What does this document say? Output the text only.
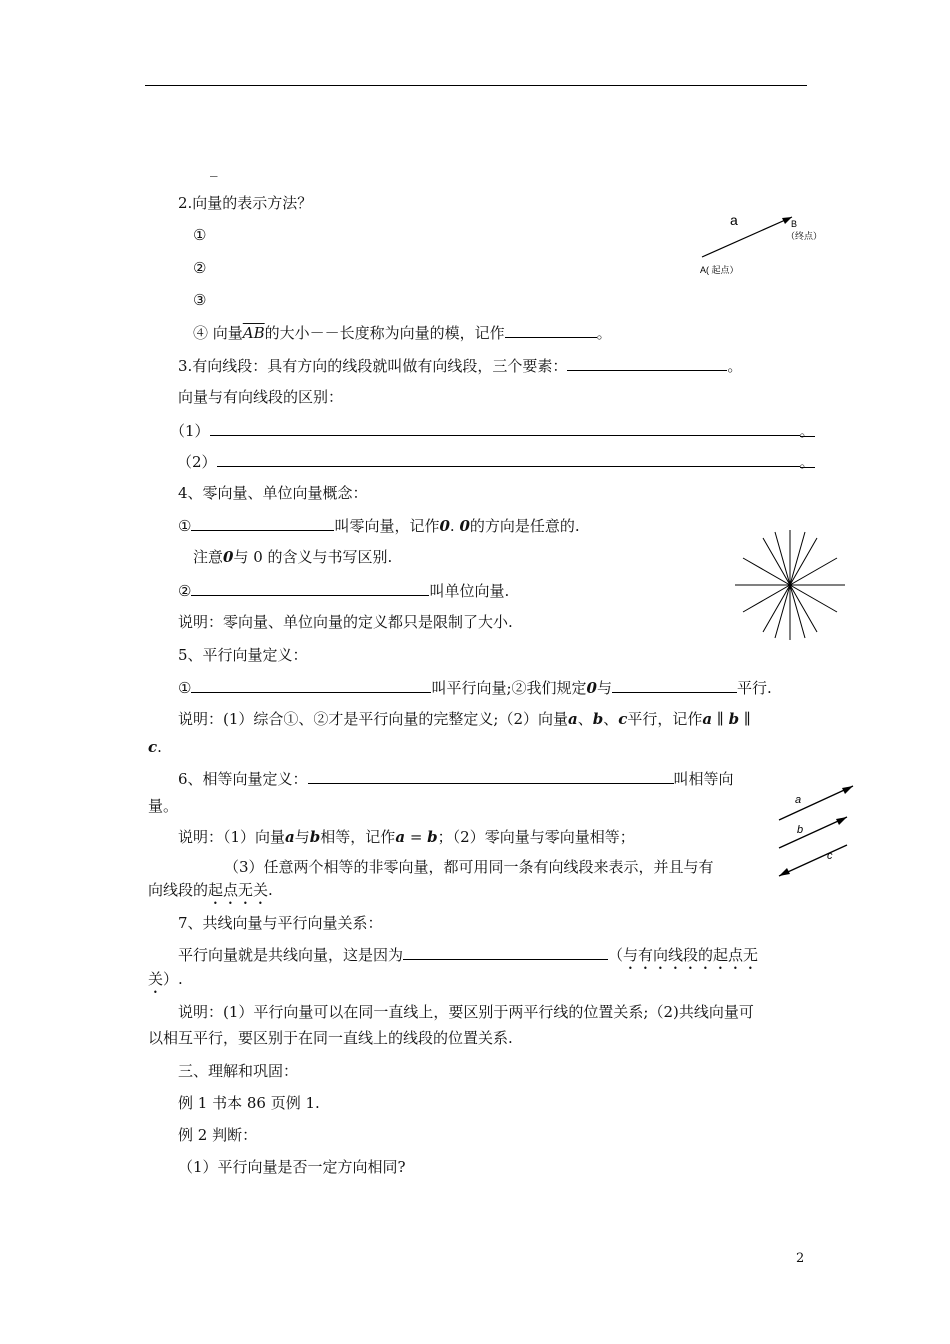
_
2.向量的表示方法？
①
②
③
④ 向量$\overline{AB}$的大小－－长度称为向量的模，记作	。
a	B
（终点）
A( 起点）
3.有向线段：具有方向的线段就叫做有向线段，三个要素：	。
向量与有向线段的区别：
（1）	。
（2）	。
4、零向量、单位向量概念：
①	叫零向量，记作0. 0的方向是任意的.
注意0与 0 的含义与书写区别.
②	叫单位向量.
说明：零向量、单位向量的定义都只是限制了大小.
5、平行向量定义：
①	叫平行向量;②我们规定0与	平行.
说明：(1）综合①、②才是平行向量的完整定义;（2）向量a、b、c平行，记作a ∥ b ∥
c.
6、相等向量定义：	叫相等向
量。
说明：（1）向量a与b相等，记作a = b；（2）零向量与零向量相等；
（3）任意两个相等的非零向量，都可用同一条有向线段来表示，并且与有
向线段的起点无关.
a
b
c
7、共线向量与平行向量关系：
平行向量就是共线向量，这是因为	（与有向线段的起点无
关）.
说明：(1）平行向量可以在同一直线上，要区别于两平行线的位置关系;（2)共线向量可
以相互平行，要区别于在同一直线上的线段的位置关系.
三、理解和巩固：
例 1 书本 86 页例 1.
例 2 判断：
（1）平行向量是否一定方向相同?
2
